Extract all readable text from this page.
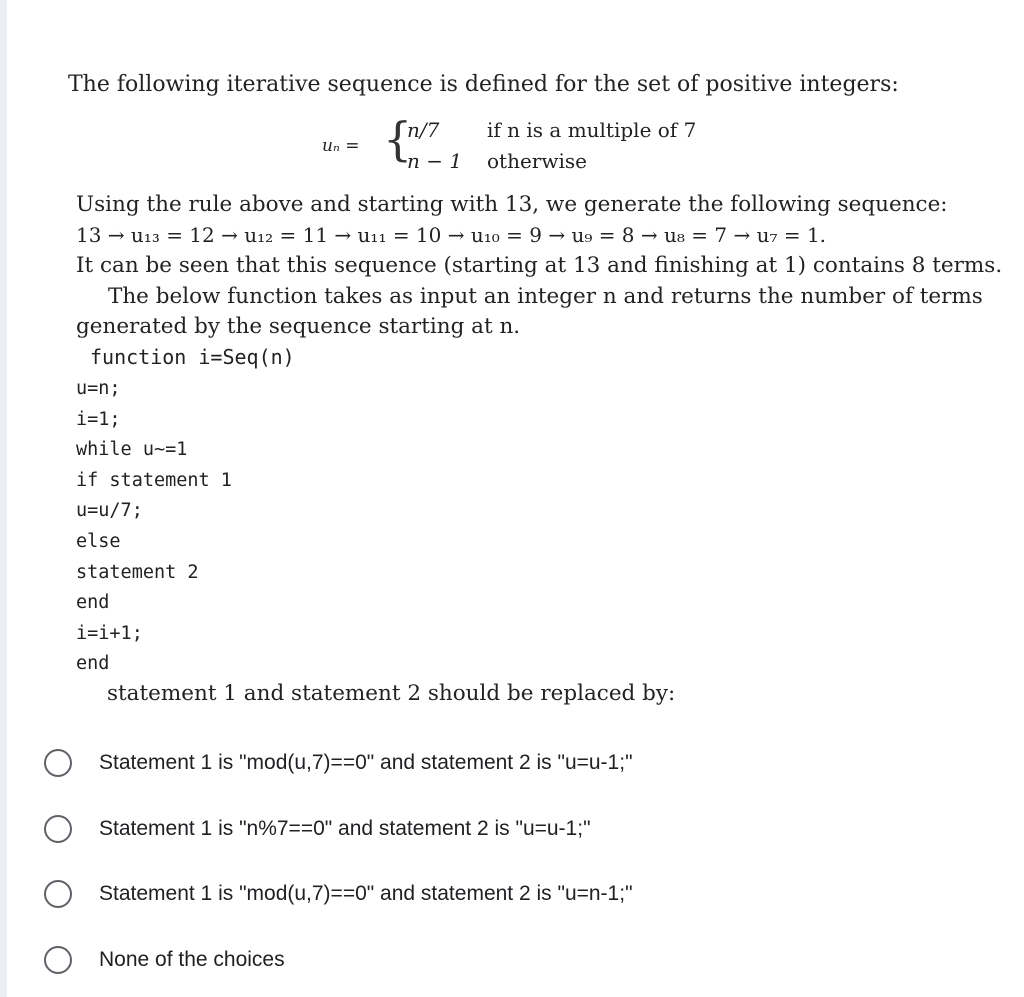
The following iterative sequence is defined for the set of positive integers:
uₙ = {
n/7 if n is a multiple of 7
n − 1 otherwise
Using the rule above and starting with 13, we generate the following sequence:
13 → u₁₃ = 12 → u₁₂ = 11 → u₁₁ = 10 → u₁₀ = 9 → u₉ = 8 → u₈ = 7 → u₇ = 1.
It can be seen that this sequence (starting at 13 and finishing at 1) contains 8 terms.
The below function takes as input an integer n and returns the number of terms
generated by the sequence starting at n.
function i=Seq(n)
u=n;
i=1;
while u~=1
if statement 1
u=u/7;
else
statement 2
end
i=i+1;
end
statement 1 and statement 2 should be replaced by:
Statement 1 is "mod(u,7)==0" and statement 2 is "u=u-1;"
Statement 1 is "n%7==0" and statement 2 is "u=u-1;"
Statement 1 is "mod(u,7)==0" and statement 2 is "u=n-1;"
None of the choices
